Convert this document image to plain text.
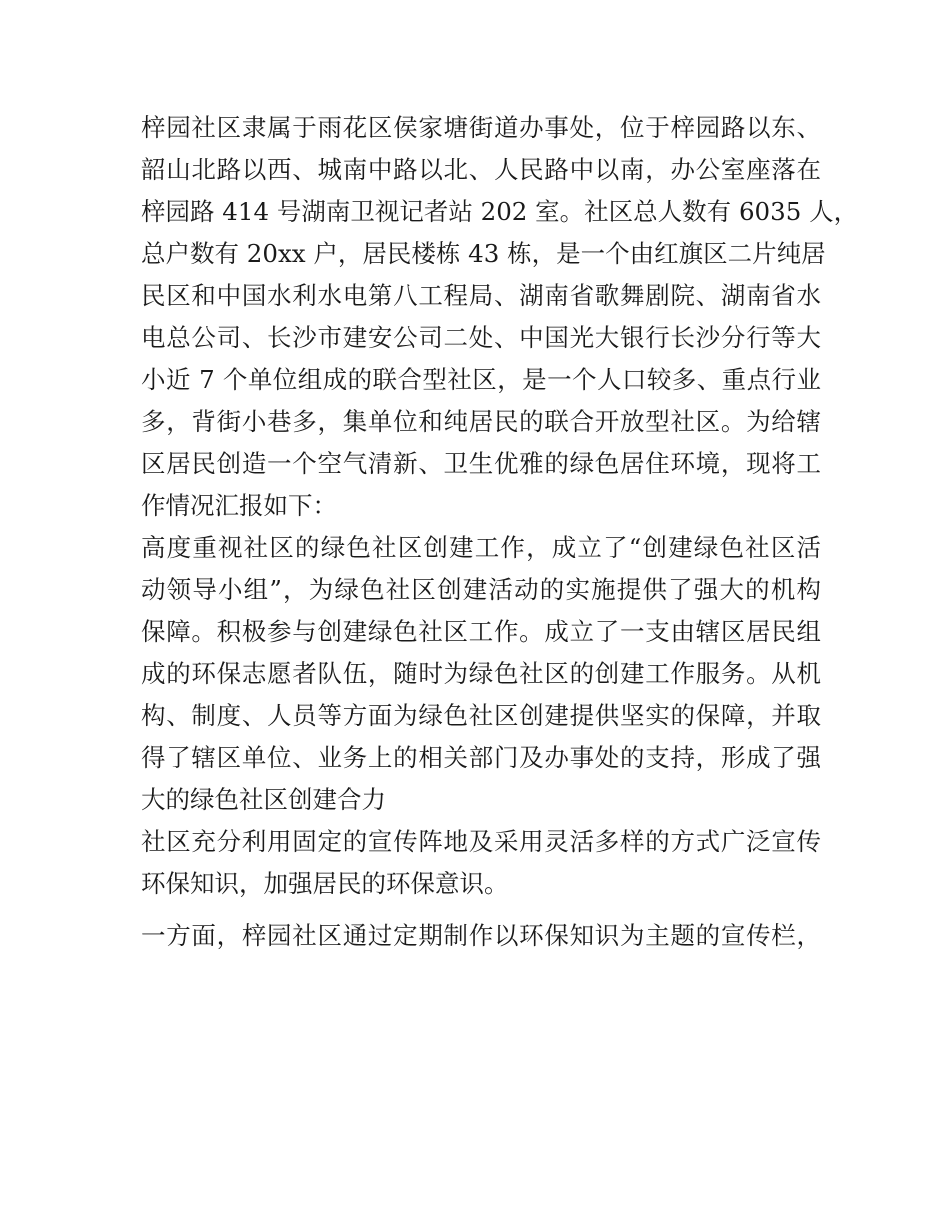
梓园社区隶属于雨花区侯家塘街道办事处，位于梓园路以东、
韶山北路以西、城南中路以北、人民路中以南，办公室座落在
梓园路 414 号湖南卫视记者站 202 室。社区总人数有 6035 人，
总户数有 20xx 户，居民楼栋 43 栋，是一个由红旗区二片纯居
民区和中国水利水电第八工程局、湖南省歌舞剧院、湖南省水
电总公司、长沙市建安公司二处、中国光大银行长沙分行等大
小近 7 个单位组成的联合型社区，是一个人口较多、重点行业
多，背街小巷多，集单位和纯居民的联合开放型社区。为给辖
区居民创造一个空气清新、卫生优雅的绿色居住环境，现将工
作情况汇报如下：
高度重视社区的绿色社区创建工作，成立了“创建绿色社区活
动领导小组”，为绿色社区创建活动的实施提供了强大的机构
保障。积极参与创建绿色社区工作。成立了一支由辖区居民组
成的环保志愿者队伍，随时为绿色社区的创建工作服务。从机
构、制度、人员等方面为绿色社区创建提供坚实的保障，并取
得了辖区单位、业务上的相关部门及办事处的支持，形成了强
大的绿色社区创建合力
社区充分利用固定的宣传阵地及采用灵活多样的方式广泛宣传
环保知识，加强居民的环保意识。
一方面，梓园社区通过定期制作以环保知识为主题的宣传栏，
